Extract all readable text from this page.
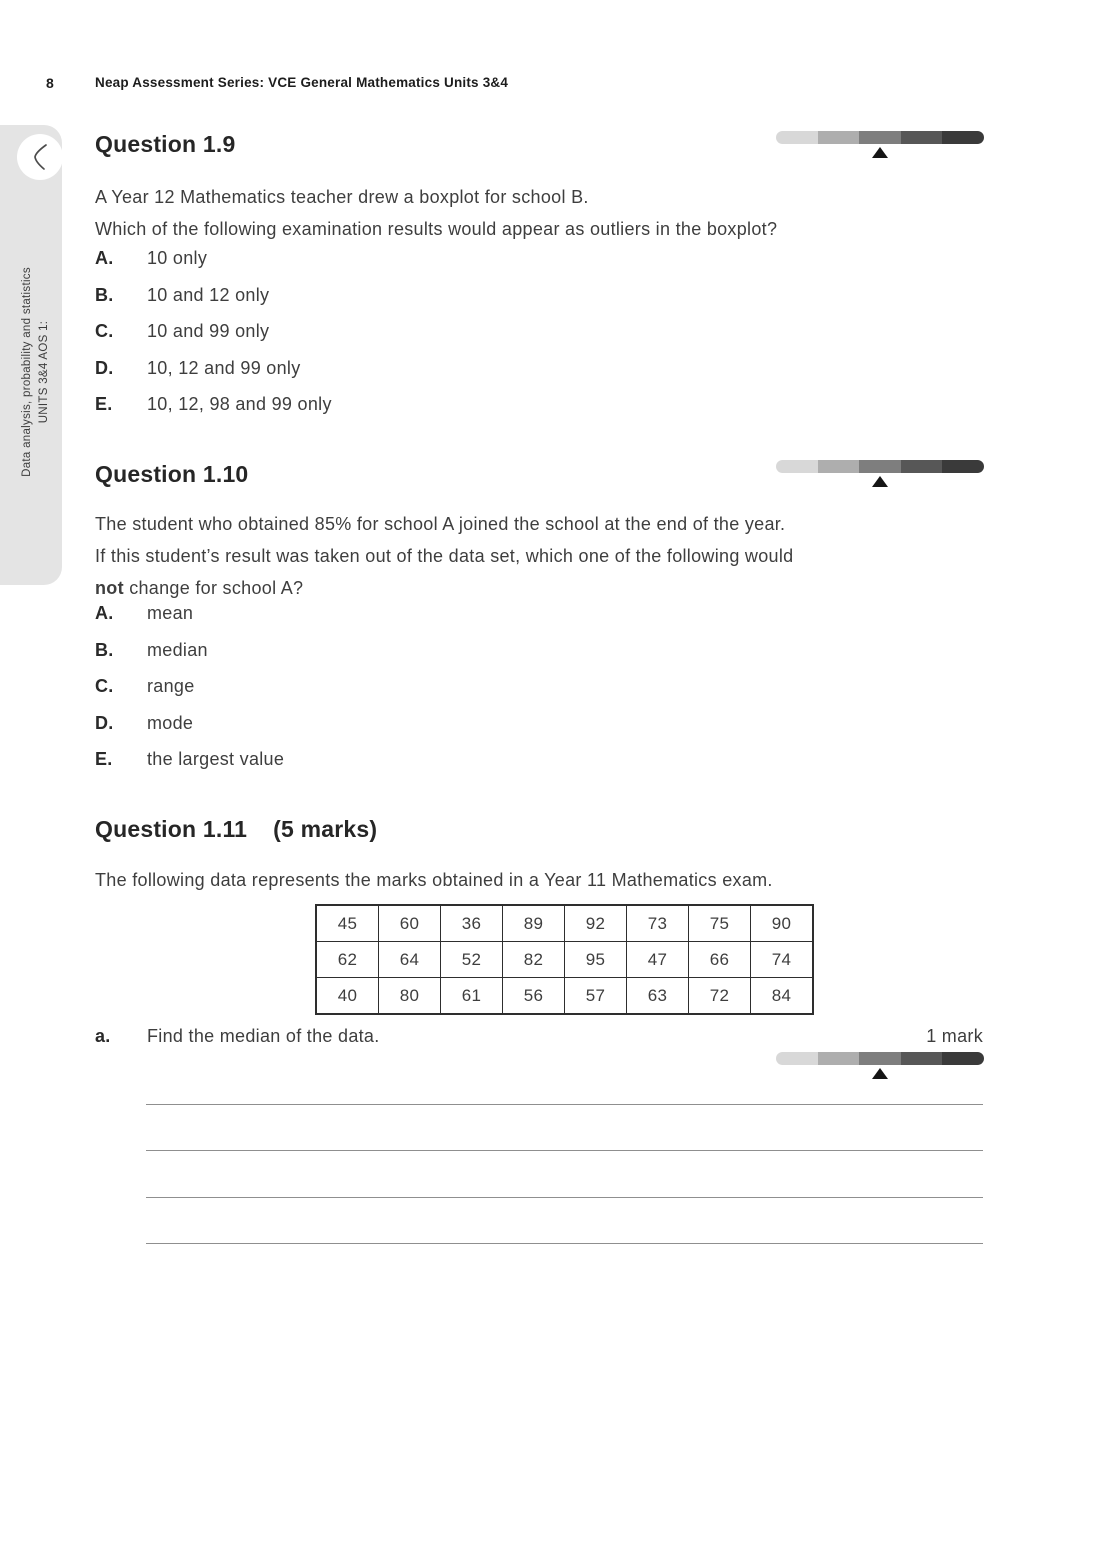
8	Neap Assessment Series: VCE General Mathematics Units 3&4
Data analysis, probability and statistics UNITS 3&4 AOS 1:
Question 1.9
A Year 12 Mathematics teacher drew a boxplot for school B.
Which of the following examination results would appear as outliers in the boxplot?
A.	10 only
B.	10 and 12 only
C.	10 and 99 only
D.	10, 12 and 99 only
E.	10, 12, 98 and 99 only
Question 1.10
The student who obtained 85% for school A joined the school at the end of the year.
If this student’s result was taken out of the data set, which one of the following would
not change for school A?
A.	mean
B.	median
C.	range
D.	mode
E.	the largest value
Question 1.11 (5 marks)
The following data represents the marks obtained in a Year 11 Mathematics exam.
45	60	36	89	92	73	75	90
62	64	52	82	95	47	66	74
40	80	61	56	57	63	72	84
a. Find the median of the data.	1 mark
